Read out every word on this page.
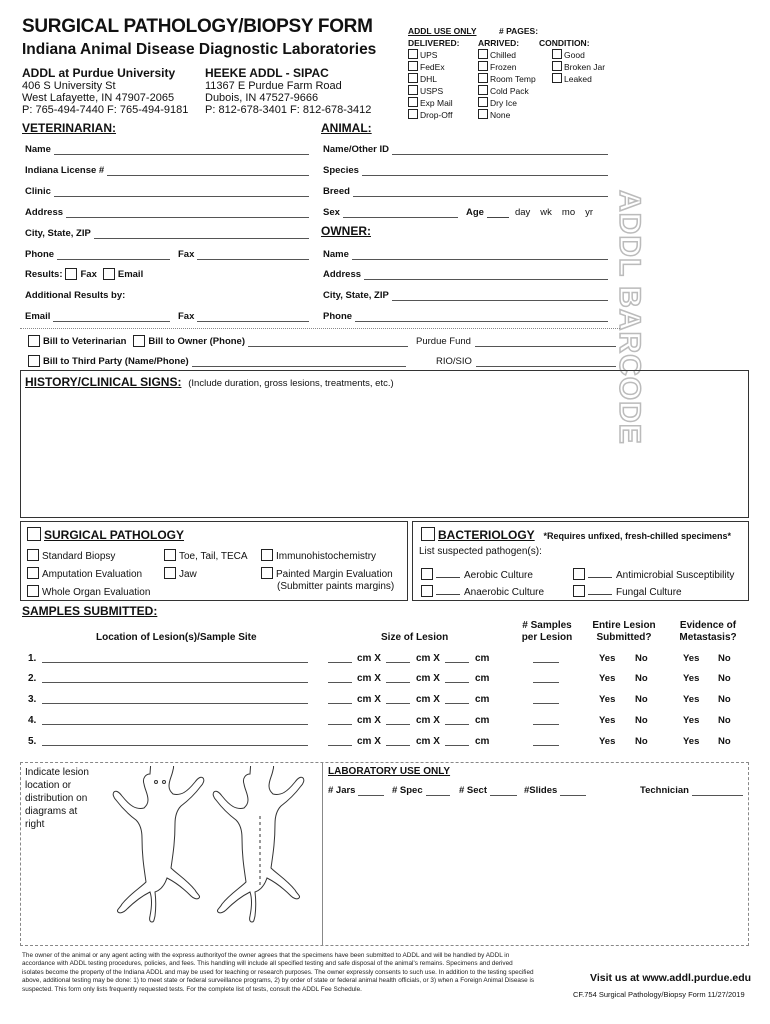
SURGICAL PATHOLOGY/BIOPSY FORM
Indiana Animal Disease Diagnostic Laboratories
ADDL at Purdue University
406 S University St
West Lafayette, IN 47907-2065
P: 765-494-7440 F: 765-494-9181
HEEKE ADDL - SIPAC
11367 E Purdue Farm Road
Dubois, IN 47527-9666
P: 812-678-3401 F: 812-678-3412
ADDL USE ONLY	# PAGES:
DELIVERED: ARRIVED: CONDITION:
UPS
FedEx
DHL
USPS
Exp Mail
Drop-Off
Chilled
Frozen
Room Temp
Cold Pack
Dry Ice
None
Good
Broken Jar
Leaked
ADDL BARCODE
VETERINARIAN:
Name
Indiana License #
Clinic
Address
City, State, ZIP
Phone	Fax
Results: Fax Email
Additional Results by:
Email	Fax
ANIMAL:
Name/Other ID
Species
Breed
Sex	Age	day wk mo yr
OWNER:
Name
Address
City, State, ZIP
Phone
Bill to Veterinarian Bill to Owner (Phone)	Purdue Fund
Bill to Third Party (Name/Phone)	RIO/SIO
HISTORY/CLINICAL SIGNS: (Include duration, gross lesions, treatments, etc.)
SURGICAL PATHOLOGY
Standard Biopsy	Toe, Tail, TECA	Immunohistochemistry
Amputation Evaluation	Jaw	Painted Margin Evaluation
Whole Organ Evaluation
(Submitter paints margins)
BACTERIOLOGY *Requires unfixed, fresh-chilled specimens*
List suspected pathogen(s):
Aerobic Culture	Antimicrobial Susceptibility
Anaerobic Culture	Fungal Culture
SAMPLES SUBMITTED:
Location of Lesion(s)/Sample Site	Size of Lesion
# Samples per Lesion
Entire Lesion Submitted?
Evidence of Metastasis?
1.	cm X	cm X	cm	Yes No	Yes No
2.	cm X	cm X	cm	Yes No	Yes No
3.	cm X	cm X	cm	Yes No	Yes No
4.	cm X	cm X	cm	Yes No	Yes No
5.	cm X	cm X	cm	Yes No	Yes No
Indicate lesion location or distribution on diagrams at right
LABORATORY USE ONLY
# Jars	# Spec	# Sect	#Slides	Technician
The owner of the animal or any agent acting with the express authorityof the owner agrees that the specimens have been submitted to ADDL and will be handled by ADDL in accordance with ADDL testing procedures, policies, and fees. This handling will include all specified testing and safe disposal of the animal's remains. Specimens and derived isolates become the property of the Indiana ADDL and may be used for teaching or research purposes. The owner expressly consents to such use. In addition to the testing specified above, additional testing may be done: 1) to meet state or federal surveillance programs, 2) by order of state or federal animal health officials, or 3) when a Foreign Animal Disease is suspected. This form only lists frequently requested tests. For the complete list of tests, consult the ADDL Fee Schedule.
Visit us at www.addl.purdue.edu
CF.754 Surgical Pathology/Biopsy Form 11/27/2019
